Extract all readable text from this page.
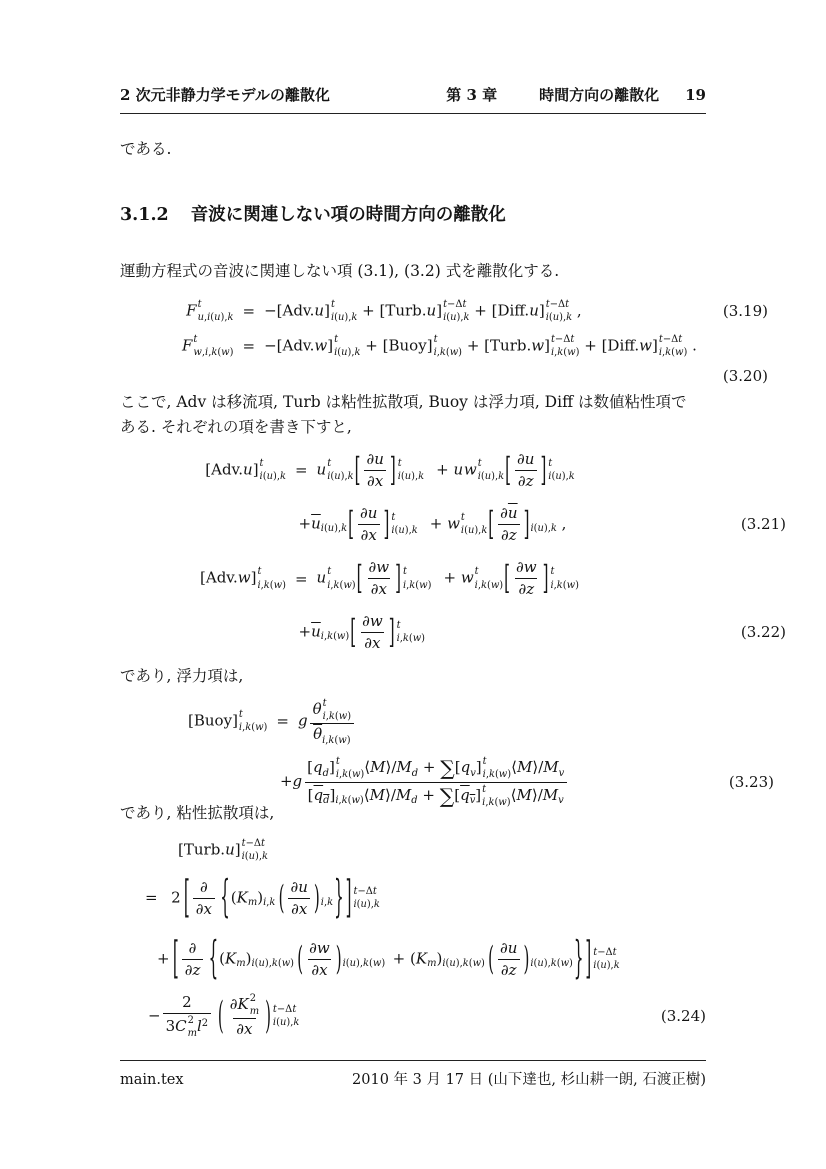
2 次元非静力学モデルの離散化	第 3 章	時間方向の離散化 19
である.
3.1.2 音波に関連しない項の時間方向の離散化
運動方程式の音波に関連しない項 (3.1), (3.2) 式を離散化する.
F t
u,i(u),k = −[Adv.u] t
i(u),k + [Turb.u] t−Δt
i(u),k + [Diff.u] t−Δt
i(u),k ,	(3.19)
F t
w,i,k(w) = −[Adv.w] t
i(u),k + [Buoy] t
i,k(w) + [Turb.w] t−Δt
i,k(w) + [Diff.w] t−Δt
i,k(w) .
(3.20)
ここで, Adv は移流項, Turb は粘性拡散項, Buoy は浮力項, Diff は数値粘性項で
ある. それぞれの項を書き下すと,
[Adv.u] t
i(u),k = u t
i(u),k [ $\frac{\partial u}{\partial x}$ ] t
i(u),k + uw t
i(u),k [ $\frac{\partial u}{\partial z}$ ] t
i(u),k
$+\overline{u}_{i(u),k}[ \frac{\partial u}{\partial x}$ ] t
i(u),k + w t
i(u),k [ $\frac{\partial\overline{u}}{\partial z} ]_{i(u),k}$ ,	(3.21)
[Adv.w] t
i,k(w) = u t
i,k(w) [ $\frac{\partial w}{\partial x}$ ] t
i,k(w) + w t
i,k(w) [ $\frac{\partial w}{\partial z}$ ] t
i,k(w)
$+\overline{u}_{i,k(w)}[ \frac{\partial w}{\partial x}$ ] t
i,k(w)	(3.22)
であり, 浮力項は,
[Buoy] t
i,k(w) = g θ t
i,k(w)
$\overline{\theta}_{i,k(w)}$
+g $[q_d]$ t
i,k(w) $⟨M⟩/M_d + \sum[q_v]$ t
i,k(w) $⟨M⟩/M_v$
$[q_d]_{i,k(w)}⟨M⟩/M_d + \sum[q_v]$ t
i,k(w) $⟨M⟩/M_v$	(3.23)
であり, 粘性拡散項は,
[Turb.u] t−Δt
i(u),k
= 2 [ $\frac{\partial}{\partial x} \{(K_m)_{i,k}$ ( $\frac{\partial u}{\partial x} )_{i,k}$} ] t−Δt
i(u),k
+ [ $\frac{\partial}{\partial z} \{(K_m)_{i(u),k(w)}$ ( $\frac{\partial w}{\partial x} )_{i(u),k(w)} + (K_m)_{i(u),k(w)}$ ( $\frac{\partial u}{\partial z} )_{i(u),k(w)}$} ] t−Δt
i(u),k
− 2
3C 2
m $l^2$ ( ∂K 2
m
∂x ) t−Δt
i(u),k	(3.24)
main.tex	2010 年 3 月 17 日 (山下達也, 杉山耕一朗, 石渡正樹)
